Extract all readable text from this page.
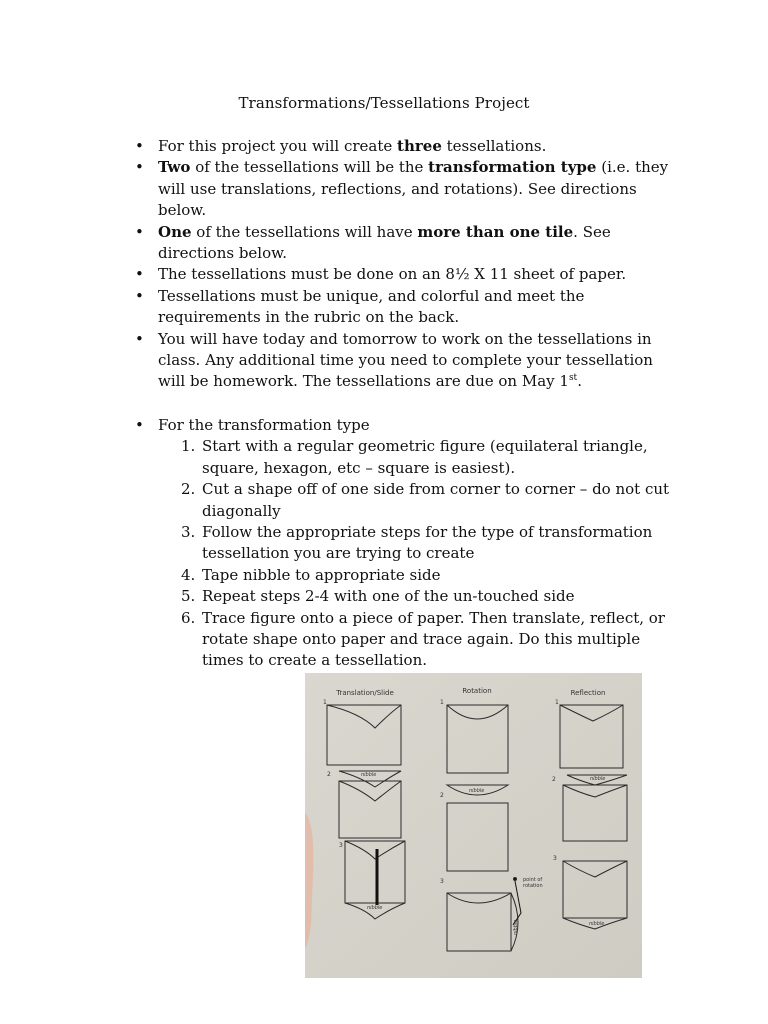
Transformations/Tessellations Project
• For this project you will create three tessellations.
• Two of the tessellations will be the transformation type (i.e. they will use translations, reflections, and rotations). See directions below.
• One of the tessellations will have more than one tile. See directions below.
• The tessellations must be done on an 8½ X 11 sheet of paper.
• Tessellations must be unique, and colorful and meet the requirements in the rubric on the back.
• You will have today and tomorrow to work on the tessellations in class. Any additional time you need to complete your tessellation will be homework. The tessellations are due on May 1st.
• For the transformation type
1. Start with a regular geometric figure (equilateral triangle, square, hexagon, etc – square is easiest).
2. Cut a shape off of one side from corner to corner – do not cut diagonally
3. Follow the appropriate steps for the type of transformation tessellation you are trying to create
4. Tape nibble to appropriate side
5. Repeat steps 2-4 with one of the un-touched side
6. Trace figure onto a piece of paper. Then translate, reflect, or rotate shape onto paper and trace again. Do this multiple times to create a tessellation.
Translation/Slide	Rotation	Reflection
1
2
3
1
2
3
1
2
3
nibble
nibble
nibble
point of
rotation
nibble
nibble
nibble
